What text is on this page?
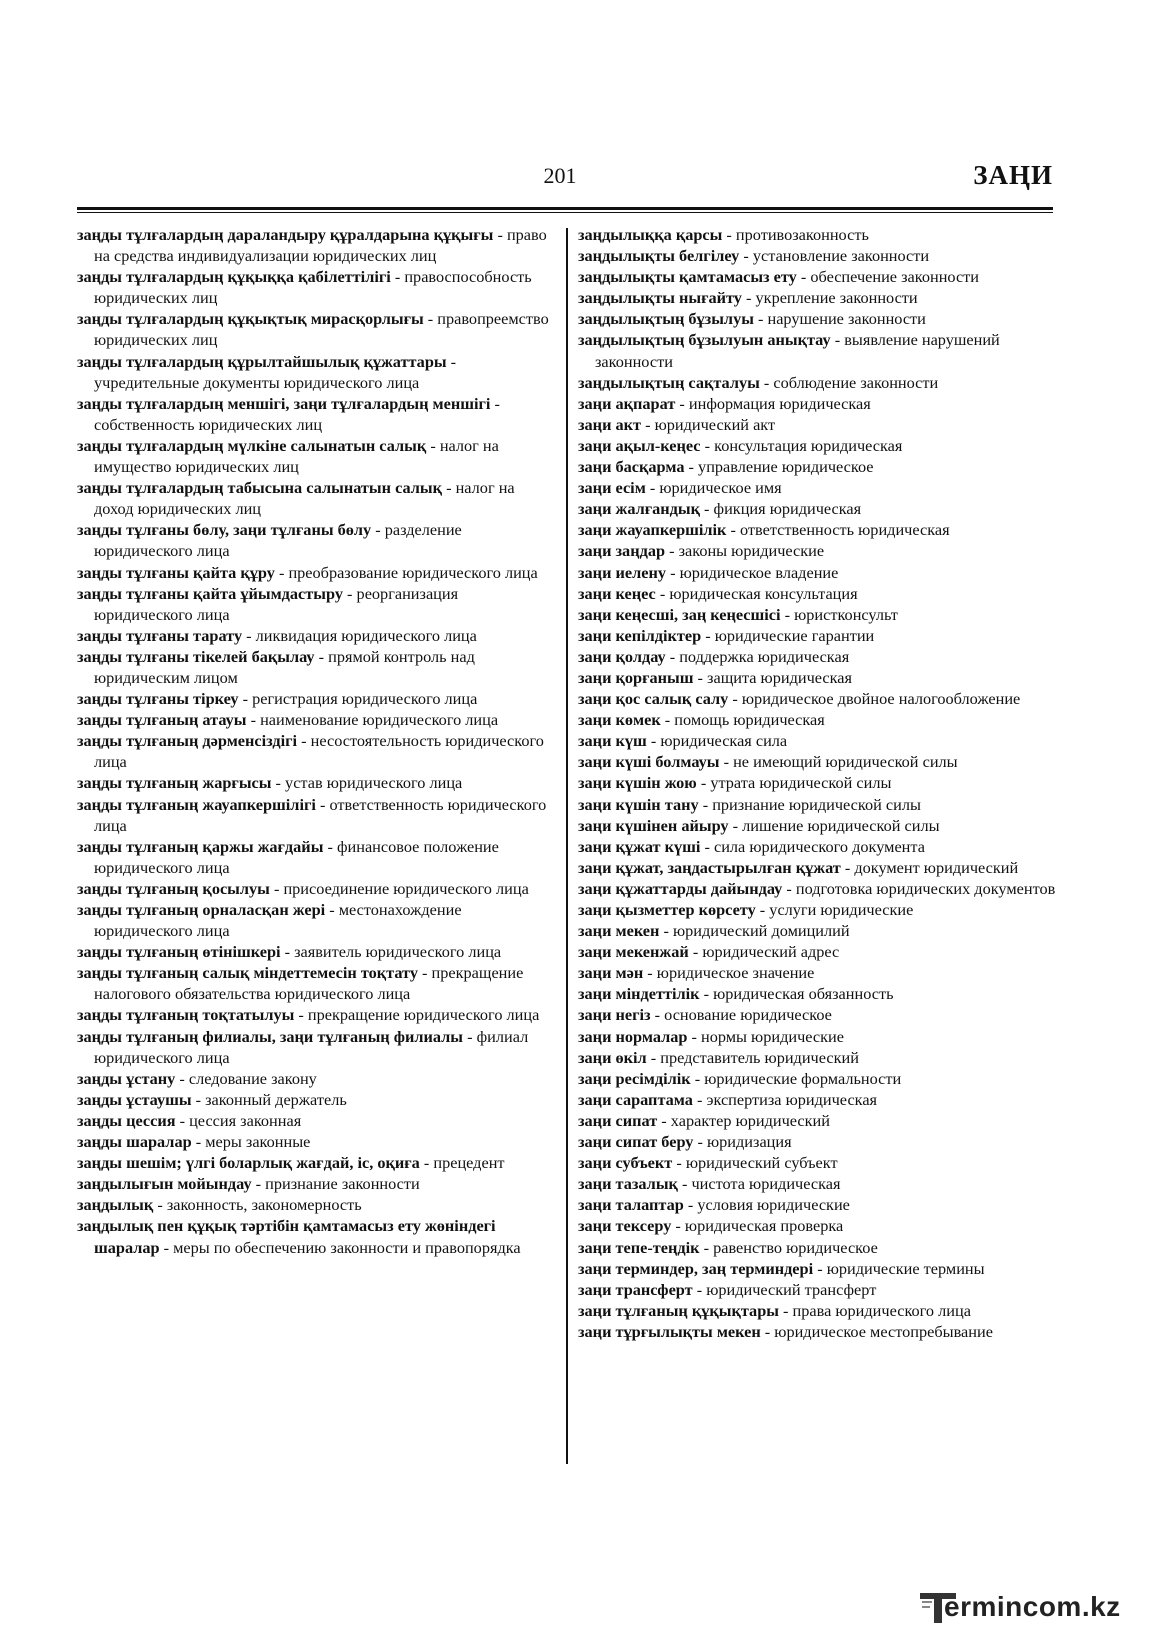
201	ЗАҢИ

заңды тұлғалардың дараландыру құралдарына құқығы - право на средства индивидуализации юридических лиц

заңды тұлғалардың құқыққа қабілеттілігі - правоспособность юридических лиц

заңды тұлғалардың құқықтық мирасқорлығы - правопреемство юридических лиц

заңды тұлғалардың құрылтайшылық құжаттары - учредительные документы юридического лица

заңды тұлғалардың меншігі, заңи тұлғалардың меншігі - собственность юридических лиц

заңды тұлғалардың мүлкіне салынатын салық - налог на имущество юридических лиц

заңды тұлғалардың табысына салынатын салық - налог на доход юридических лиц

заңды тұлғаны бөлу, заңи тұлғаны бөлу - разделение юридического лица

заңды тұлғаны қайта құру - преобразование юридического лица

заңды тұлғаны қайта ұйымдастыру - реорганизация юридического лица

заңды тұлғаны тарату - ликвидация юридического лица

заңды тұлғаны тікелей бақылау - прямой контроль над юридическим лицом

заңды тұлғаны тіркеу - регистрация юридического лица

заңды тұлғаның атауы - наименование юридического лица

заңды тұлғаның дәрменсіздігі - несостоятельность юридического лица

заңды тұлғаның жарғысы - устав юридического лица

заңды тұлғаның жауапкершілігі - ответственность юридического лица

заңды тұлғаның қаржы жағдайы - финансовое положение юридического лица

заңды тұлғаның қосылуы - присоединение юридического лица

заңды тұлғаның орналасқан жері - местонахождение юридического лица

заңды тұлғаның өтінішкері - заявитель юридического лица

заңды тұлғаның салық міндеттемесін тоқтату - прекращение налогового обязательства юридического лица

заңды тұлғаның тоқтатылуы - прекращение юридического лица

заңды тұлғаның филиалы, заңи тұлғаның филиалы - филиал юридического лица

заңды ұстану - следование закону

заңды ұстаушы - законный держатель

заңды цессия - цессия законная

заңды шаралар - меры законные

заңды шешім; үлгі боларлық жағдай, іс, оқиға - прецедент

заңдылығын мойындау - признание законности

заңдылық - законность, закономерность

заңдылық пен құқық тәртібін қамтамасыз ету жөніндегі шаралар - меры по обеспечению законности и правопорядка

заңдылыққа қарсы - противозаконность

заңдылықты белгілеу - установление законности

заңдылықты қамтамасыз ету - обеспечение законности

заңдылықты нығайту - укрепление законности

заңдылықтың бұзылуы - нарушение законности

заңдылықтың бұзылуын анықтау - выявление нарушений законности

заңдылықтың сақталуы - соблюдение законности

заңи ақпарат - информация юридическая

заңи акт - юридический акт

заңи ақыл-кеңес - консультация юридическая

заңи басқарма - управление юридическое

заңи есім - юридическое имя

заңи жалғандық - фикция юридическая

заңи жауапкершілік - ответственность юридическая

заңи заңдар - законы юридические

заңи иелену - юридическое владение

заңи кеңес - юридическая консультация

заңи кеңесші, заң кеңесшісі - юристконсульт

заңи кепілдіктер - юридические гарантии

заңи қолдау - поддержка юридическая

заңи қорғаныш - защита юридическая

заңи қос салық салу - юридическое двойное налогообложение

заңи көмек - помощь юридическая

заңи күш - юридическая сила

заңи күші болмауы - не имеющий юридической силы

заңи күшін жою - утрата юридической силы

заңи күшін тану - признание юридической силы

заңи күшінен айыру - лишение юридической силы

заңи құжат күші - сила юридического документа

заңи құжат, заңдастырылған құжат - документ юридический

заңи құжаттарды дайындау - подготовка юридических документов

заңи қызметтер көрсету - услуги юридические

заңи мекен - юридический домицилий

заңи мекенжай - юридический адрес

заңи мән - юридическое значение

заңи міндеттілік - юридическая обязанность

заңи негіз - основание юридическое

заңи нормалар - нормы юридические

заңи өкіл - представитель юридический

заңи ресімділік - юридические формальности

заңи сараптама - экспертиза юридическая

заңи сипат - характер юридический

заңи сипат беру - юридизация

заңи субъект - юридический субъект

заңи тазалық - чистота юридическая

заңи талаптар - условия юридические

заңи тексеру - юридическая проверка

заңи тепе-теңдік - равенство юридическое

заңи терминдер, заң терминдері - юридические термины

заңи трансферт - юридический трансферт

заңи тұлғаның құқықтары - права юридического лица

заңи тұрғылықты мекен - юридическое местопребывание

ermincom.kz
